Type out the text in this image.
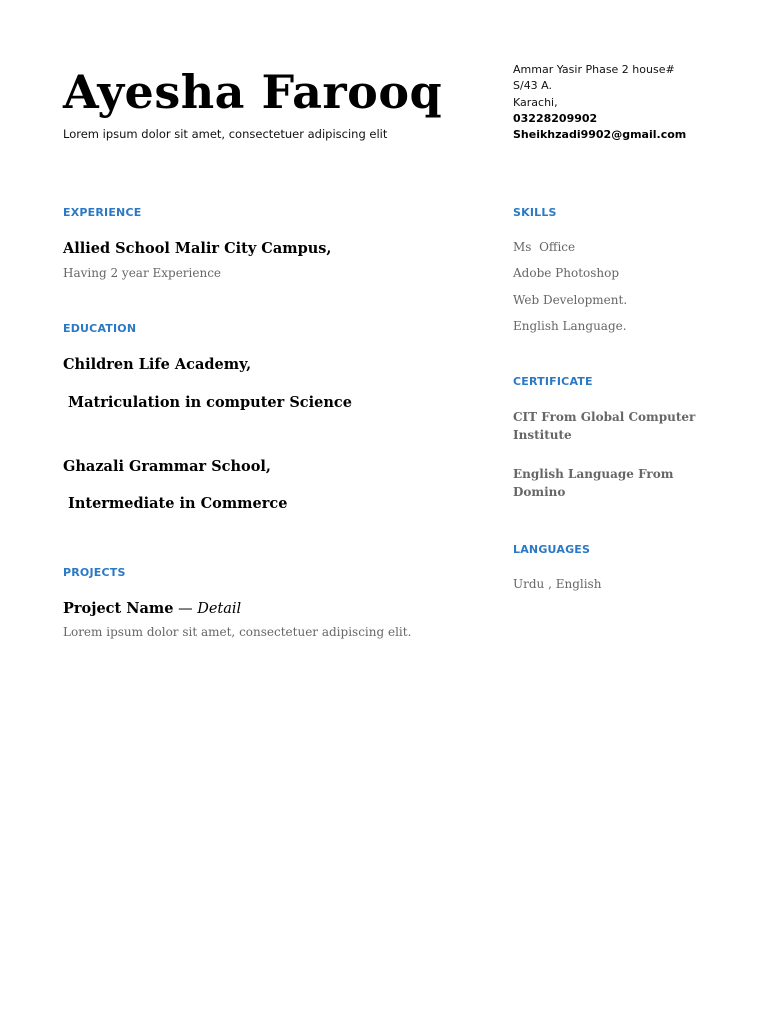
Ayesha Farooq
Lorem ipsum dolor sit amet, consectetuer adipiscing elit
Ammar Yasir Phase 2 house#
S/43 A.
Karachi,
03228209902
Sheikhzadi9902@gmail.com
EXPERIENCE
Allied School Malir City Campus,
Having 2 year Experience
EDUCATION
Children Life Academy,
Matriculation in computer Science
Ghazali Grammar School,
Intermediate in Commerce
PROJECTS
Project Name — Detail
Lorem ipsum dolor sit amet, consectetuer adipiscing elit.
SKILLS
Ms  Office
Adobe Photoshop
Web Development.
English Language.
CERTIFICATE
CIT From Global Computer
Institute
English Language From
Domino
LANGUAGES
Urdu , English
